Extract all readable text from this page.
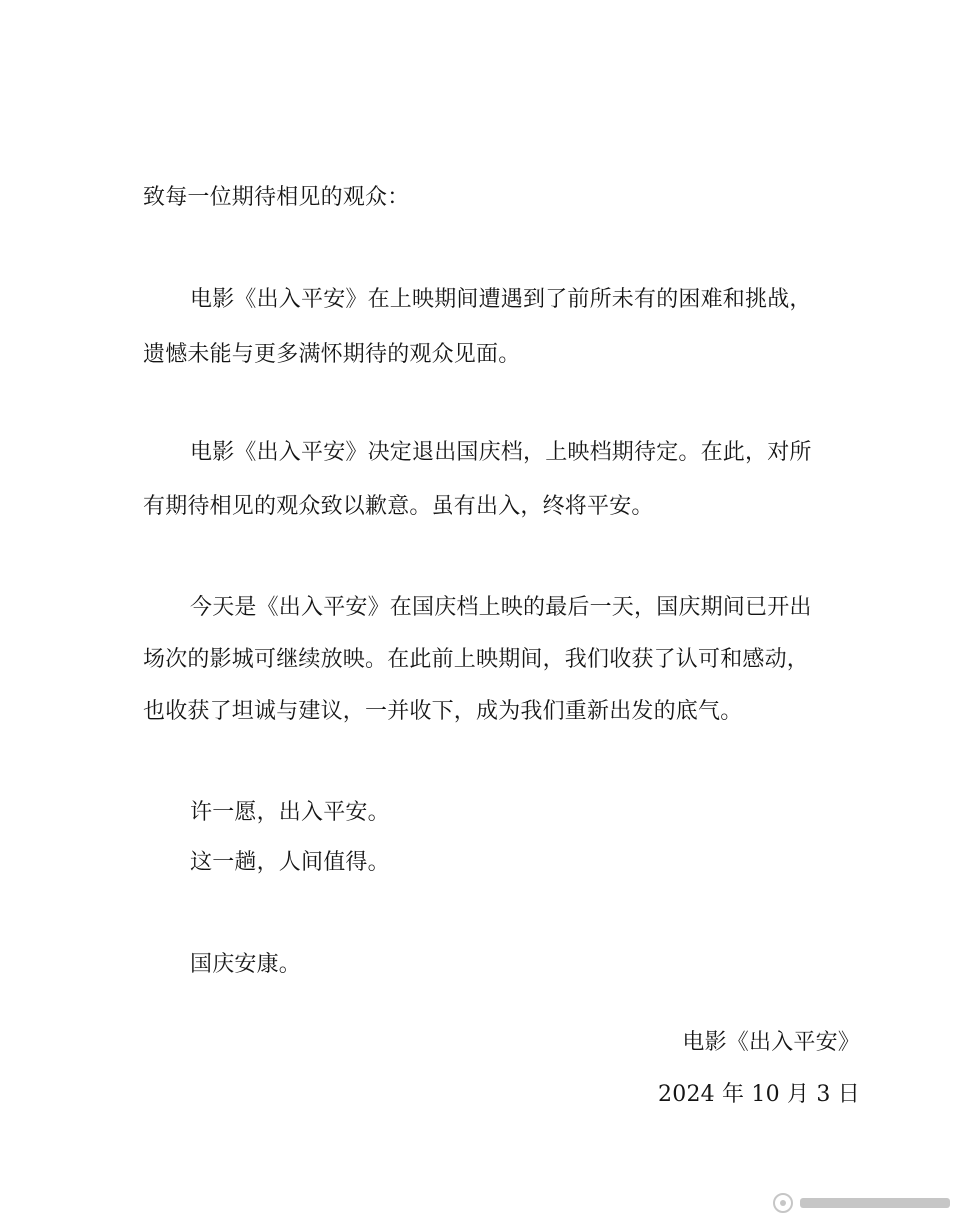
致每一位期待相见的观众：
电影《出入平安》在上映期间遭遇到了前所未有的困难和挑战，
遗憾未能与更多满怀期待的观众见面。
电影《出入平安》决定退出国庆档，上映档期待定。在此，对所
有期待相见的观众致以歉意。虽有出入，终将平安。
今天是《出入平安》在国庆档上映的最后一天，国庆期间已开出
场次的影城可继续放映。在此前上映期间，我们收获了认可和感动，
也收获了坦诚与建议，一并收下，成为我们重新出发的底气。
许一愿，出入平安。
这一趟，人间值得。
国庆安康。
电影《出入平安》
2024 年 10 月 3 日
